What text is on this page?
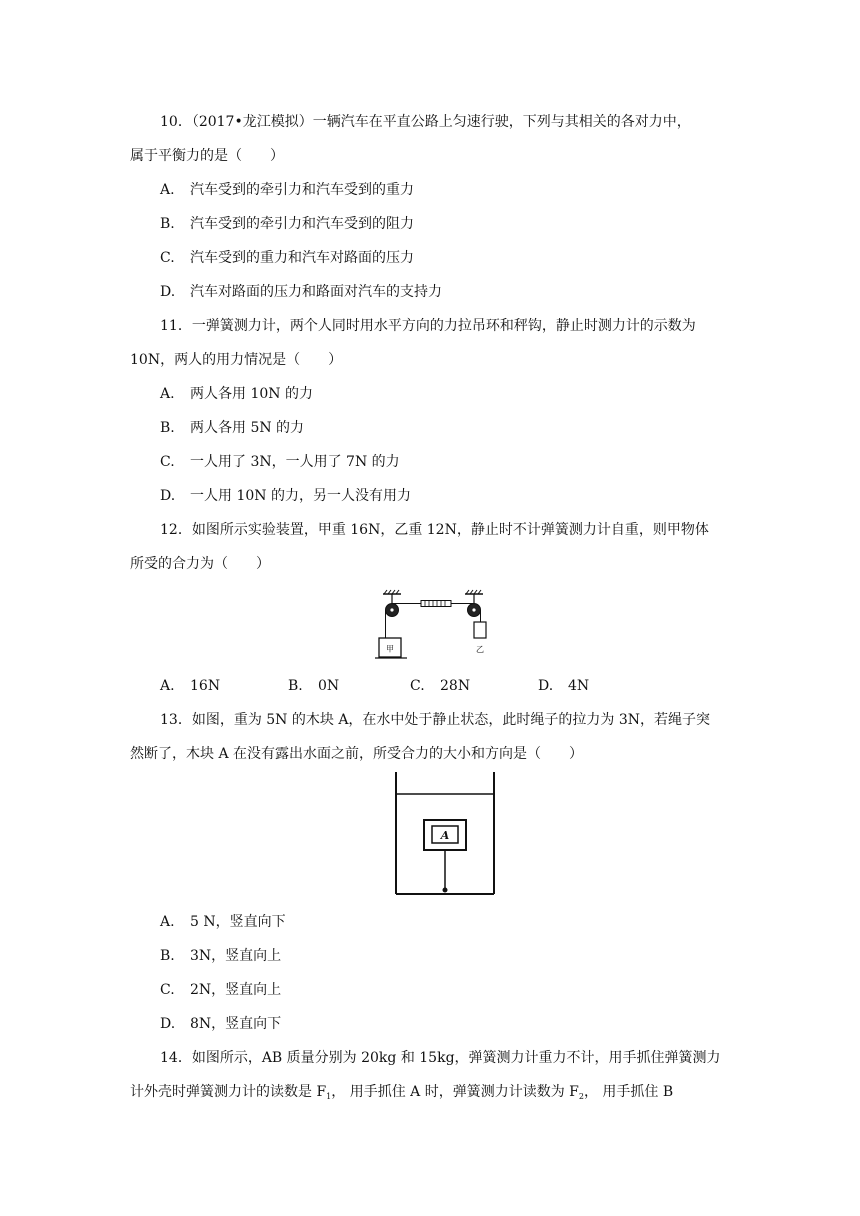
10．（2017•龙江模拟）一辆汽车在平直公路上匀速行驶，下列与其相关的各对力中，
属于平衡力的是（　　）
A. 汽车受到的牵引力和汽车受到的重力
B. 汽车受到的牵引力和汽车受到的阻力
C. 汽车受到的重力和汽车对路面的压力
D. 汽车对路面的压力和路面对汽车的支持力
11．一弹簧测力计，两个人同时用水平方向的力拉吊环和秤钩，静止时测力计的示数为
10N，两人的用力情况是（　　）
A. 两人各用 10N 的力
B. 两人各用 5N 的力
C. 一人用了 3N，一人用了 7N 的力
D. 一人用 10N 的力，另一人没有用力
12．如图所示实验装置，甲重 16N，乙重 12N，静止时不计弹簧测力计自重，则甲物体
所受的合力为（　　）
甲	乙
A. 16N	B. 0N	C. 28N	D. 4N
13．如图，重为 5N 的木块 A，在水中处于静止状态，此时绳子的拉力为 3N，若绳子突
然断了，木块 A 在没有露出水面之前，所受合力的大小和方向是（　　）
A
A. 5 N，竖直向下
B. 3N，竖直向上
C. 2N，竖直向上
D. 8N，竖直向下
14．如图所示，AB 质量分别为 20kg 和 15kg，弹簧测力计重力不计，用手抓住弹簧测力
计外壳时弹簧测力计的读数是 $F_1$， 用手抓住 A 时，弹簧测力计读数为 $F_2$， 用手抓住 B
